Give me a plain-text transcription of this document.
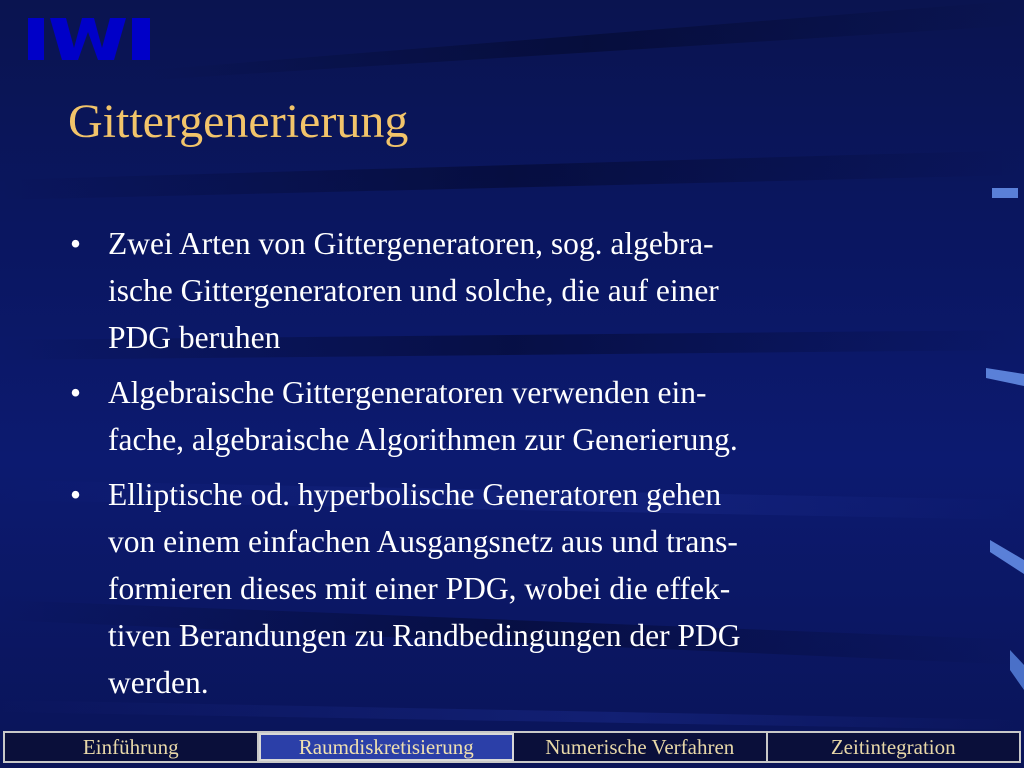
Gittergenerierung
• Zwei Arten von Gittergeneratoren, sog. algebra-
ische Gittergeneratoren und solche, die auf einer
PDG beruhen
• Algebraische Gittergeneratoren verwenden ein-
fache, algebraische Algorithmen zur Generierung.
• Elliptische od. hyperbolische Generatoren gehen
von einem einfachen Ausgangsnetz aus und trans-
formieren dieses mit einer PDG, wobei die effek-
tiven Berandungen zu Randbedingungen der PDG
werden.
Einführung	Raumdiskretisierung	Numerische Verfahren	Zeitintegration
